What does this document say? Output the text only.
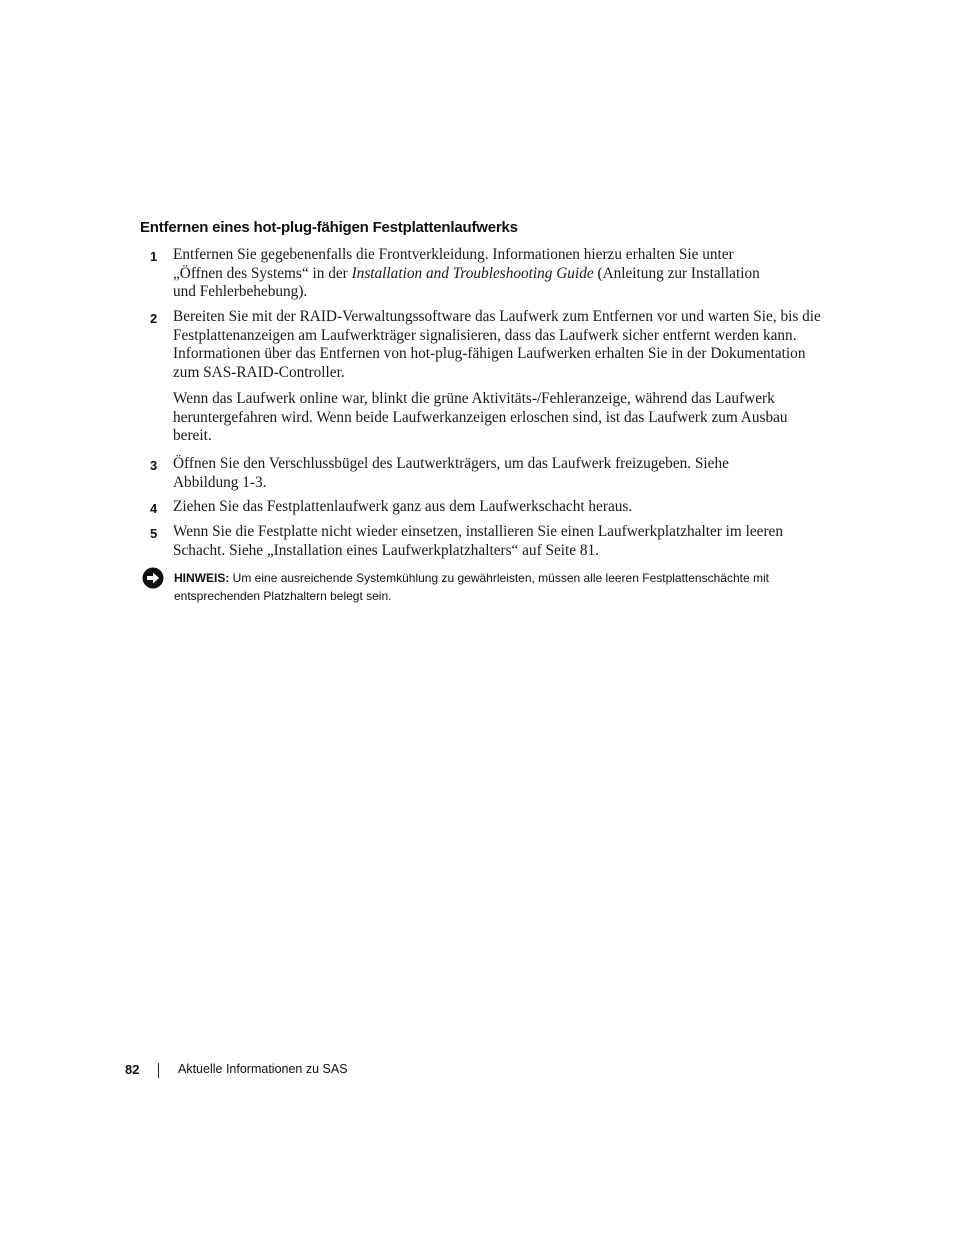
Entfernen eines hot-plug-fähigen Festplattenlaufwerks
1 Entfernen Sie gegebenenfalls die Frontverkleidung. Informationen hierzu erhalten Sie unter
„Öffnen des Systems“ in der Installation and Troubleshooting Guide (Anleitung zur Installation
und Fehlerbehebung).
2 Bereiten Sie mit der RAID-Verwaltungssoftware das Laufwerk zum Entfernen vor und warten Sie, bis die Festplattenanzeigen am Laufwerkträger signalisieren, dass das Laufwerk sicher entfernt werden kann. Informationen über das Entfernen von hot-plug-fähigen Laufwerken erhalten Sie in der Dokumentation zum SAS-RAID-Controller.
Wenn das Laufwerk online war, blinkt die grüne Aktivitäts-/Fehleranzeige, während das Laufwerk heruntergefahren wird. Wenn beide Laufwerkanzeigen erloschen sind, ist das Laufwerk zum Ausbau bereit.
3 Öffnen Sie den Verschlussbügel des Lautwerkträgers, um das Laufwerk freizugeben. Siehe Abbildung 1-3.
4 Ziehen Sie das Festplattenlaufwerk ganz aus dem Laufwerkschacht heraus.
5 Wenn Sie die Festplatte nicht wieder einsetzen, installieren Sie einen Laufwerkplatzhalter im leeren Schacht. Siehe „Installation eines Laufwerkplatzhalters“ auf Seite 81.
HINWEIS: Um eine ausreichende Systemkühlung zu gewährleisten, müssen alle leeren Festplattenschächte mit entsprechenden Platzhaltern belegt sein.
82	Aktuelle Informationen zu SAS
